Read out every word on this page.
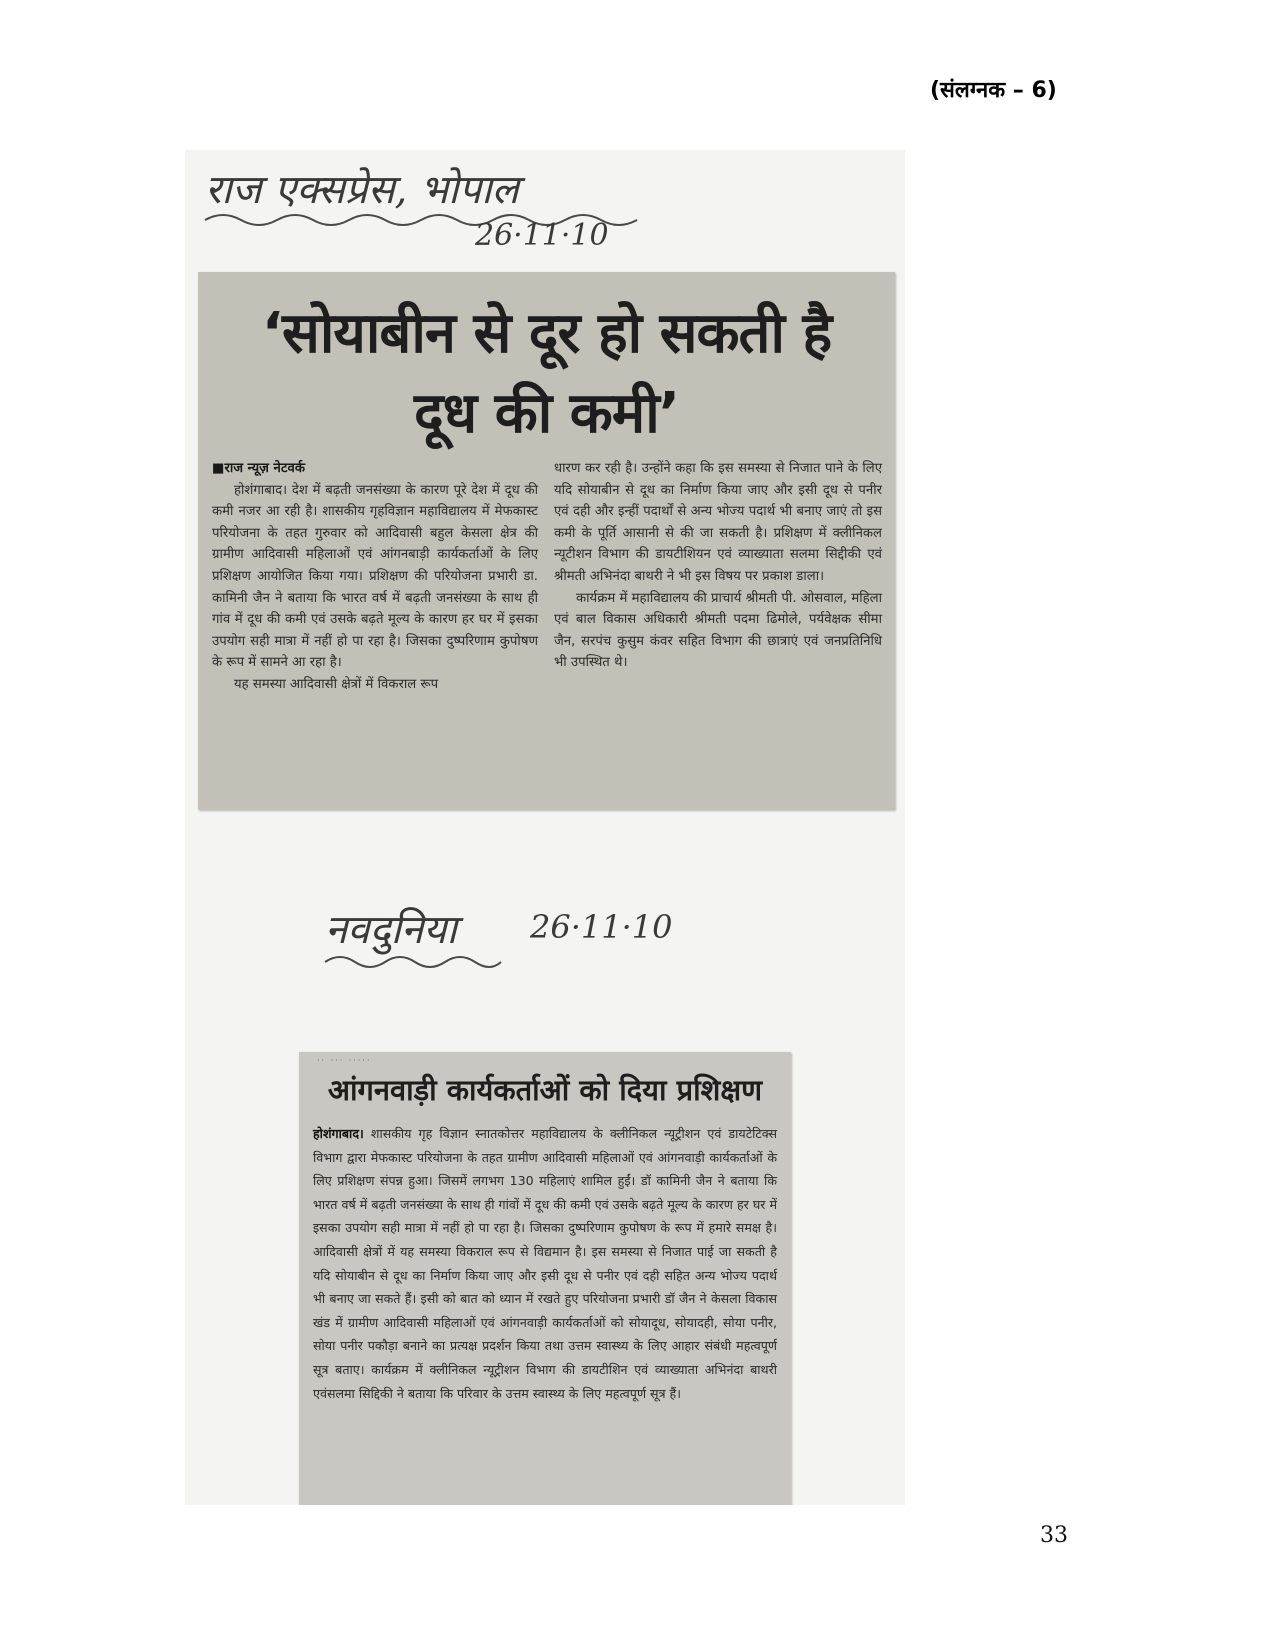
(संलग्नक – 6)
राज एक्सप्रेस, भोपाल
26·11·10
‘सोयाबीन से दूर हो सकती है
दूध की कमी’
■राज न्यूज़ नेटवर्क

होशंगाबाद। देश में बढ़ती जनसंख्या के कारण पूरे देश में दूध की कमी नजर आ रही है। शासकीय गृहविज्ञान महाविद्यालय में मेफकास्ट परियोजना के तहत गुरुवार को आदिवासी बहुल केसला क्षेत्र की ग्रामीण आदिवासी महिलाओं एवं आंगनबाड़ी कार्यकर्ताओं के लिए प्रशिक्षण आयोजित किया गया। प्रशिक्षण की परियोजना प्रभारी डा. कामिनी जैन ने बताया कि भारत वर्ष में बढ़ती जनसंख्या के साथ ही गांव में दूध की कमी एवं उसके बढ़ते मूल्य के कारण हर घर में इसका उपयोग सही मात्रा में नहीं हो पा रहा है। जिसका दुष्परिणाम कुपोषण के रूप में सामने आ रहा है।

यह समस्या आदिवासी क्षेत्रों में विकराल रूप

धारण कर रही है। उन्होंने कहा कि इस समस्या से निजात पाने के लिए यदि सोयाबीन से दूध का निर्माण किया जाए और इसी दूध से पनीर एवं दही और इन्हीं पदार्थों से अन्य भोज्य पदार्थ भी बनाए जाएं तो इस कमी के पूर्ति आसानी से की जा सकती है। प्रशिक्षण में क्लीनिकल न्यूटीशन विभाग की डायटीशियन एवं व्याख्याता सलमा सिद्दीकी एवं श्रीमती अभिनंदा बाथरी ने भी इस विषय पर प्रकाश डाला।

कार्यक्रम में महाविद्यालय की प्राचार्य श्रीमती पी. ओसवाल, महिला एवं बाल विकास अधिकारी श्रीमती पदमा ढिमोले, पर्यवेक्षक सीमा जैन, सरपंच कुसुम कंवर सहित विभाग की छात्राएं एवं जनप्रतिनिधि भी उपस्थित थे।

नवदुनिया 26·11·10
·· ··· ·····
आंगनवाड़ी कार्यकर्ताओं को दिया प्रशिक्षण
होशंगाबाद। शासकीय गृह विज्ञान स्नातकोत्तर महाविद्यालय के क्लीनिकल न्यूट्रीशन एवं डायटेटिक्स विभाग द्वारा मेफकास्ट परियोजना के तहत ग्रामीण आदिवासी महिलाओं एवं आंगनवाड़ी कार्यकर्ताओं के लिए प्रशिक्षण संपन्न हुआ। जिसमें लगभग 130 महिलाएं शामिल हुईं। डॉ कामिनी जैन ने बताया कि भारत वर्ष में बढ़ती जनसंख्या के साथ ही गांवों में दूध की कमी एवं उसके बढ़ते मूल्य के कारण हर घर में इसका उपयोग सही मात्रा में नहीं हो पा रहा है। जिसका दुष्परिणाम कुपोषण के रूप में हमारे समक्ष है। आदिवासी क्षेत्रों में यह समस्या विकराल रूप से विद्यमान है। इस समस्या से निजात पाई जा सकती है यदि सोयाबीन से दूध का निर्माण किया जाए और इसी दूध से पनीर एवं दही सहित अन्य भोज्य पदार्थ भी बनाए जा सकते हैं। इसी को बात को ध्यान में रखते हुए परियोजना प्रभारी डॉ जैन ने केसला विकास खंड में ग्रामीण आदिवासी महिलाओं एवं आंगनवाड़ी कार्यकर्ताओं को सोयादूध, सोयादही, सोया पनीर, सोया पनीर पकौड़ा बनाने का प्रत्यक्ष प्रदर्शन किया तथा उत्तम स्वास्थ्य के लिए आहार संबंधी महत्वपूर्ण सूत्र बताए। कार्यक्रम में क्लीनिकल न्यूट्रीशन विभाग की डायटीशिन एवं व्याख्याता अभिनंदा बाथरी एवंसलमा सिद्दिकी ने बताया कि परिवार के उत्तम स्वास्थ्य के लिए महत्वपूर्ण सूत्र हैं।
33
